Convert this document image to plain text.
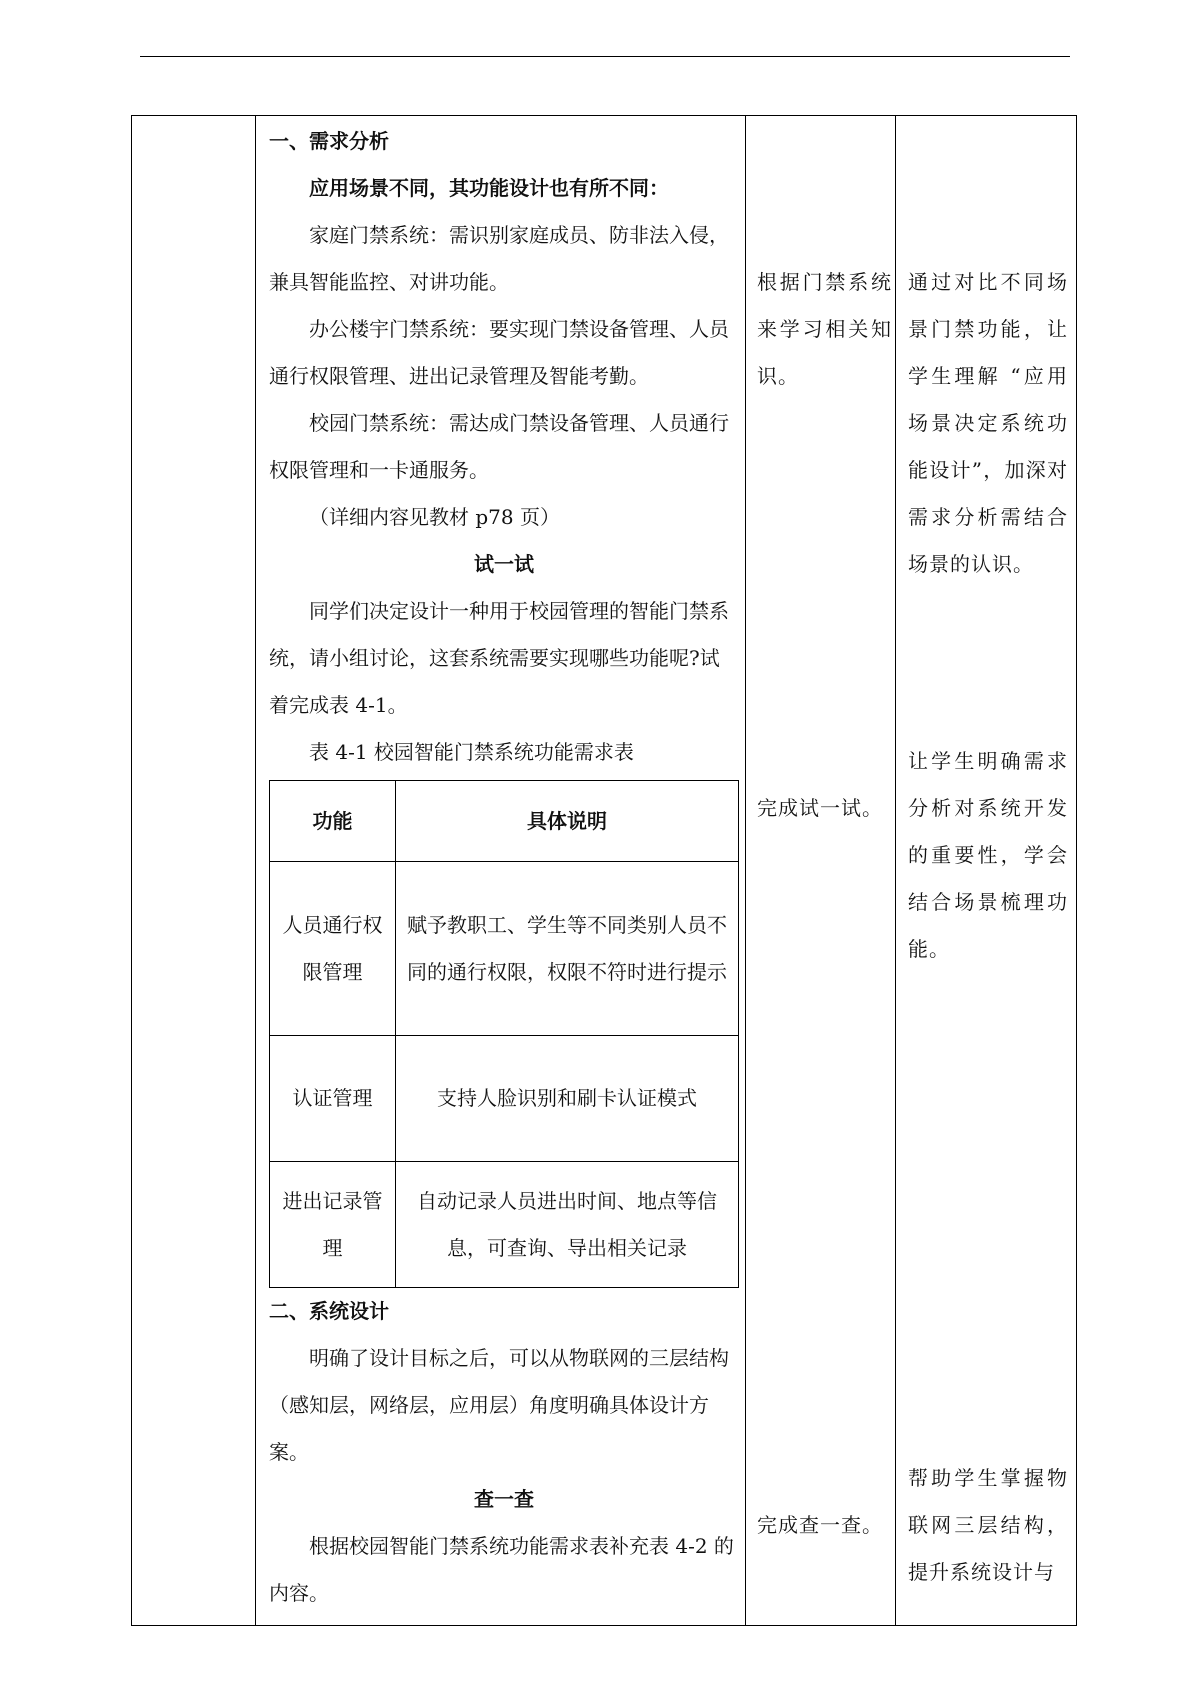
一、需求分析

应用场景不同，其功能设计也有所不同：

家庭门禁系统：需识别家庭成员、防非法入侵，兼具智能监控、对讲功能。

办公楼宇门禁系统：要实现门禁设备管理、人员通行权限管理、进出记录管理及智能考勤。

校园门禁系统：需达成门禁设备管理、人员通行权限管理和一卡通服务。

（详细内容见教材 p78 页）

试一试

同学们决定设计一种用于校园管理的智能门禁系统，请小组讨论，这套系统需要实现哪些功能呢?试着完成表 4-1。

表 4-1 校园智能门禁系统功能需求表

功能	具体说明
人员通行权限管理	赋予教职工、学生等不同类别人员不同的通行权限，权限不符时进行提示
认证管理	支持人脸识别和刷卡认证模式
进出记录管理	自动记录人员进出时间、地点等信息，可查询、导出相关记录

二、系统设计

明确了设计目标之后，可以从物联网的三层结构（感知层，网络层，应用层）角度明确具体设计方案。

查一查

根据校园智能门禁系统功能需求表补充表 4-2 的内容。

根据门禁系统来学习相关知识。
完成试一试。
完成查一查。
通过对比不同场景门禁功能，让学生理解 “应用场景决定系统功能设计”，加深对需求分析需结合场景的认识。
让学生明确需求分析对系统开发的重要性，学会结合场景梳理功能。
帮助学生掌握物联网三层结构，提升系统设计与
